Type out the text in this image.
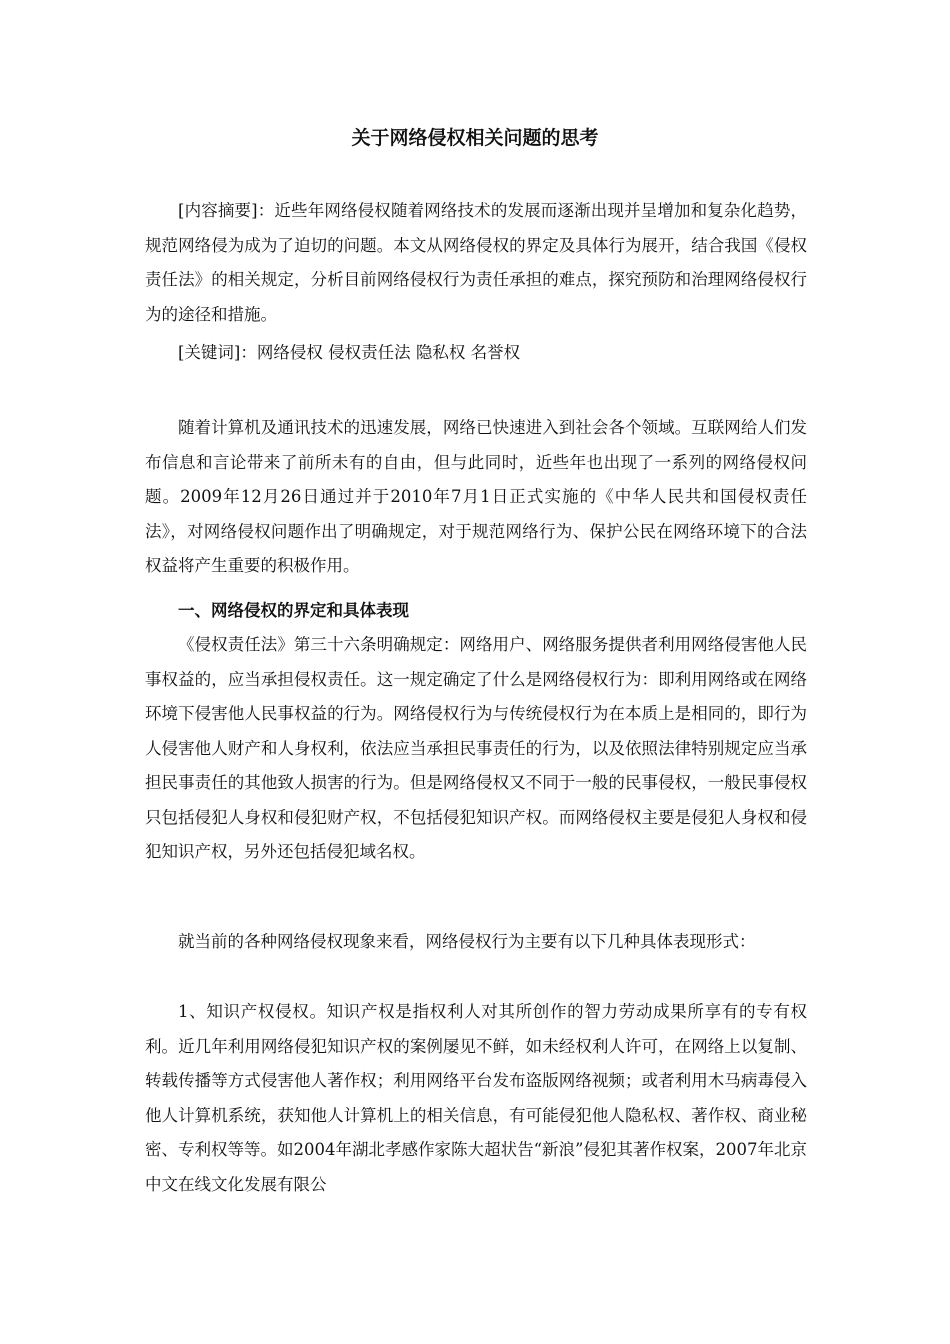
关于网络侵权相关问题的思考

[内容摘要]：近些年网络侵权随着网络技术的发展而逐渐出现并呈增加和复杂化趋势，规范网络侵为成为了迫切的问题。本文从网络侵权的界定及具体行为展开，结合我国《侵权责任法》的相关规定，分析目前网络侵权行为责任承担的难点，探究预防和治理网络侵权行为的途径和措施。

[关键词]：网络侵权 侵权责任法 隐私权 名誉权

随着计算机及通讯技术的迅速发展，网络已快速进入到社会各个领域。互联网给人们发布信息和言论带来了前所未有的自由，但与此同时，近些年也出现了一系列的网络侵权问题。2009年12月26日通过并于2010年7月1日正式实施的《中华人民共和国侵权责任法》，对网络侵权问题作出了明确规定，对于规范网络行为、保护公民在网络环境下的合法权益将产生重要的积极作用。

一、网络侵权的界定和具体表现

《侵权责任法》第三十六条明确规定：网络用户、网络服务提供者利用网络侵害他人民事权益的，应当承担侵权责任。这一规定确定了什么是网络侵权行为：即利用网络或在网络环境下侵害他人民事权益的行为。网络侵权行为与传统侵权行为在本质上是相同的，即行为人侵害他人财产和人身权利，依法应当承担民事责任的行为，以及依照法律特别规定应当承担民事责任的其他致人损害的行为。但是网络侵权又不同于一般的民事侵权，一般民事侵权只包括侵犯人身权和侵犯财产权，不包括侵犯知识产权。而网络侵权主要是侵犯人身权和侵犯知识产权，另外还包括侵犯域名权。

就当前的各种网络侵权现象来看，网络侵权行为主要有以下几种具体表现形式：

1、知识产权侵权。知识产权是指权利人对其所创作的智力劳动成果所享有的专有权利。近几年利用网络侵犯知识产权的案例屡见不鲜，如未经权利人许可，在网络上以复制、转载传播等方式侵害他人著作权；利用网络平台发布盗版网络视频；或者利用木马病毒侵入他人计算机系统，获知他人计算机上的相关信息，有可能侵犯他人隐私权、著作权、商业秘密、专利权等等。如2004年湖北孝感作家陈大超状告“新浪”侵犯其著作权案，2007年北京中文在线文化发展有限公
